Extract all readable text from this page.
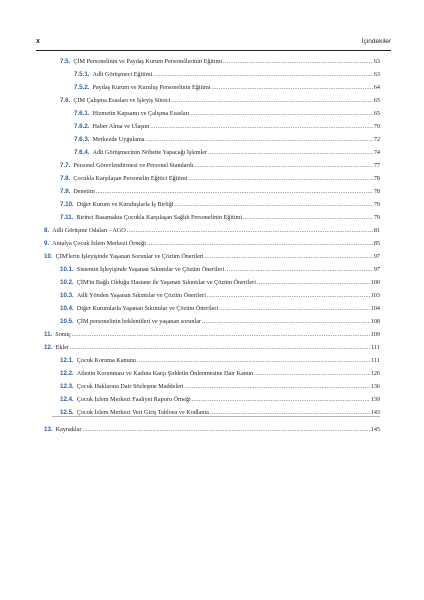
x	İçindekiler
7.5. ÇİM Personelinin ve Paydaş Kurum Personellerinin Eğitimi .....	63
7.5.1. Adli Görüşmeci Eğitimi .....	63
7.5.2. Paydaş Kurum ve Kuruluş Personelinin Eğitimi .....	64
7.6. ÇİM Çalışma Esasları ve İşleyiş Süreci .....	65
7.6.1. Hizmetin Kapsamı ve Çalışma Esasları .....	65
7.6.2. Haber Alma ve Ulaşım .....	70
7.6.3. Merkezde Uygulama .....	72
7.6.4. Adli Görüşmecinin Nöbette Yapacağı İşlemler .....	74
7.7. Personel Görevlendirmesi ve Personel Standardı .....	77
7.8. Çocukla Karşılaşan Personelin Eğitici Eğitimi .....	78
7.9. Denetim .....	78
7.10. Diğer Kurum ve Kuruluşlarla İş Birliği .....	79
7.11. Birinci Basamakta Çocukla Karşılaşan Sağlık Personelinin Eğitimi .....	79
8. Adli Görüşme Odaları - AGO .....	81
9. Antalya Çocuk İzlem Merkezi Örneği .....	85
10. ÇİM'lerin İşleyişinde Yaşanan Sorunlar ve Çözüm Önerileri .....	97
10.1. Sistemin İşleyişinde Yaşanan Sıkıntılar ve Çözüm Önerileri .....	97
10.2. ÇİM'in Bağlı Olduğu Hastane ile Yaşanan Sıkıntılar ve Çözüm Önerileri .....	100
10.3. Adli Yönden Yaşanan Sıkıntılar ve Çözüm Önerileri .....	103
10.4. Diğer Kurumlarla Yaşanan Sıkıntılar ve Çözüm Önerileri .....	104
10.5. ÇİM personelinin beklentileri ve yaşanan sorunlar .....	108
11. Sonuç .....	109
12. Ekler .....	111
12.1. Çocuk Koruma Kanunu .....	111
12.2. Ailenin Korunması ve Kadına Karşı Şiddetin Önlenmesine Dair Kanun .....	126
12.3. Çocuk Haklarına Dair Sözleşme Maddeleri .....	136
12.4. Çocuk İzlem Merkezi Faaliyet Raporu Örneği .....	139
12.5. Çocuk İzlem Merkezi Veri Giriş Tablosu ve Kodlama .....	143
13. Kaynaklar .....	145
